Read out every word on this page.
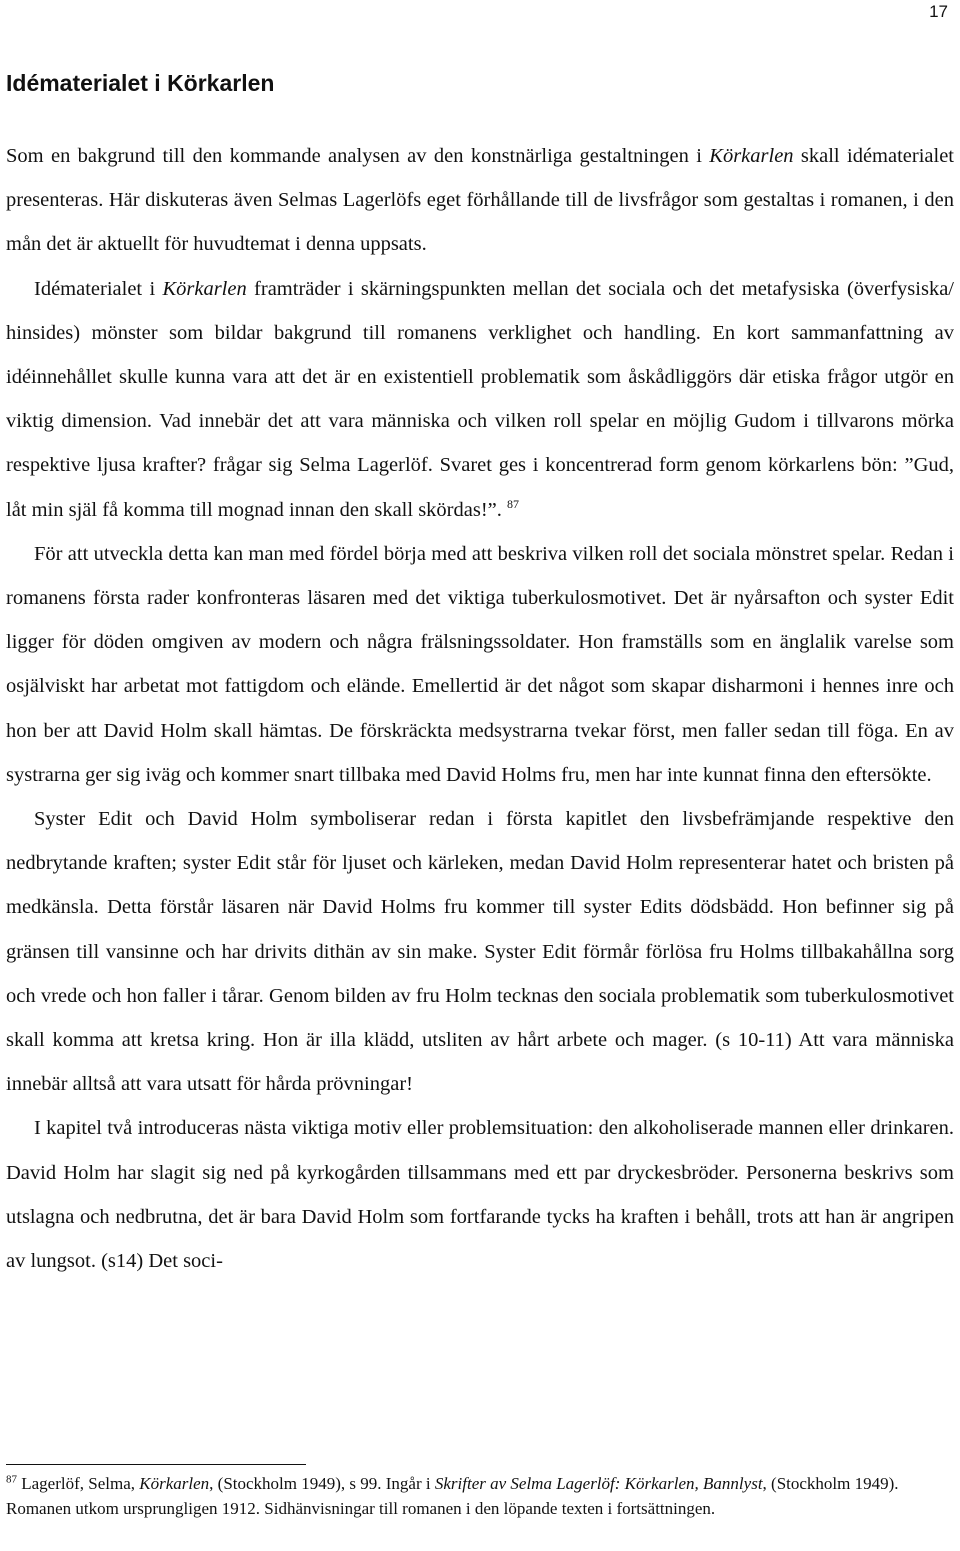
17
Idématerialet i Körkarlen

Som en bakgrund till den kommande analysen av den konstnärliga gestaltningen i Körkarlen skall idématerialet presenteras. Här diskuteras även Selmas Lagerlöfs eget förhållande till de livsfrågor som gestaltas i romanen, i den mån det är aktuellt för huvudtemat i denna uppsats.

Idématerialet i Körkarlen framträder i skärningspunkten mellan det sociala och det metafysiska (överfysiska/ hinsides) mönster som bildar bakgrund till romanens verklighet och handling. En kort sammanfattning av idéinnehållet skulle kunna vara att det är en existentiell problematik som åskådliggörs där etiska frågor utgör en viktig dimension. Vad innebär det att vara människa och vilken roll spelar en möjlig Gudom i tillvarons mörka respektive ljusa krafter? frågar sig Selma Lagerlöf. Svaret ges i koncentrerad form genom körkarlens bön: ”Gud, låt min själ få komma till mognad innan den skall skördas!”. $^{87}$

För att utveckla detta kan man med fördel börja med att beskriva vilken roll det sociala mönstret spelar. Redan i romanens första rader konfronteras läsaren med det viktiga tuberkulosmotivet. Det är nyårsafton och syster Edit ligger för döden omgiven av modern och några frälsningssoldater. Hon framställs som en änglalik varelse som osjälviskt har arbetat mot fattigdom och elände. Emellertid är det något som skapar disharmoni i hennes inre och hon ber att David Holm skall hämtas. De förskräckta medsystrarna tvekar först, men faller sedan till föga. En av systrarna ger sig iväg och kommer snart tillbaka med David Holms fru, men har inte kunnat finna den eftersökte.

Syster Edit och David Holm symboliserar redan i första kapitlet den livsbefrämjande respektive den nedbrytande kraften; syster Edit står för ljuset och kärleken, medan David Holm representerar hatet och bristen på medkänsla. Detta förstår läsaren när David Holms fru kommer till syster Edits dödsbädd. Hon befinner sig på gränsen till vansinne och har drivits dithän av sin make. Syster Edit förmår förlösa fru Holms tillbakahållna sorg och vrede och hon faller i tårar. Genom bilden av fru Holm tecknas den sociala problematik som tuberkulosmotivet skall komma att kretsa kring. Hon är illa klädd, utsliten av hårt arbete och mager. (s 10-11) Att vara människa innebär alltså att vara utsatt för hårda prövningar!

I kapitel två introduceras nästa viktiga motiv eller problemsituation: den alkoholiserade mannen eller drinkaren. David Holm har slagit sig ned på kyrkogården tillsammans med ett par dryckesbröder. Personerna beskrivs som utslagna och nedbrutna, det är bara David Holm som fortfarande tycks ha kraften i behåll, trots att han är angripen av lungsot. (s14) Det soci-

$^{87}$ Lagerlöf, Selma, Körkarlen, (Stockholm 1949), s 99. Ingår i Skrifter av Selma Lagerlöf: Körkarlen, Bannlyst, (Stockholm 1949). Romanen utkom ursprungligen 1912. Sidhänvisningar till romanen i den löpande texten i fortsättningen.
